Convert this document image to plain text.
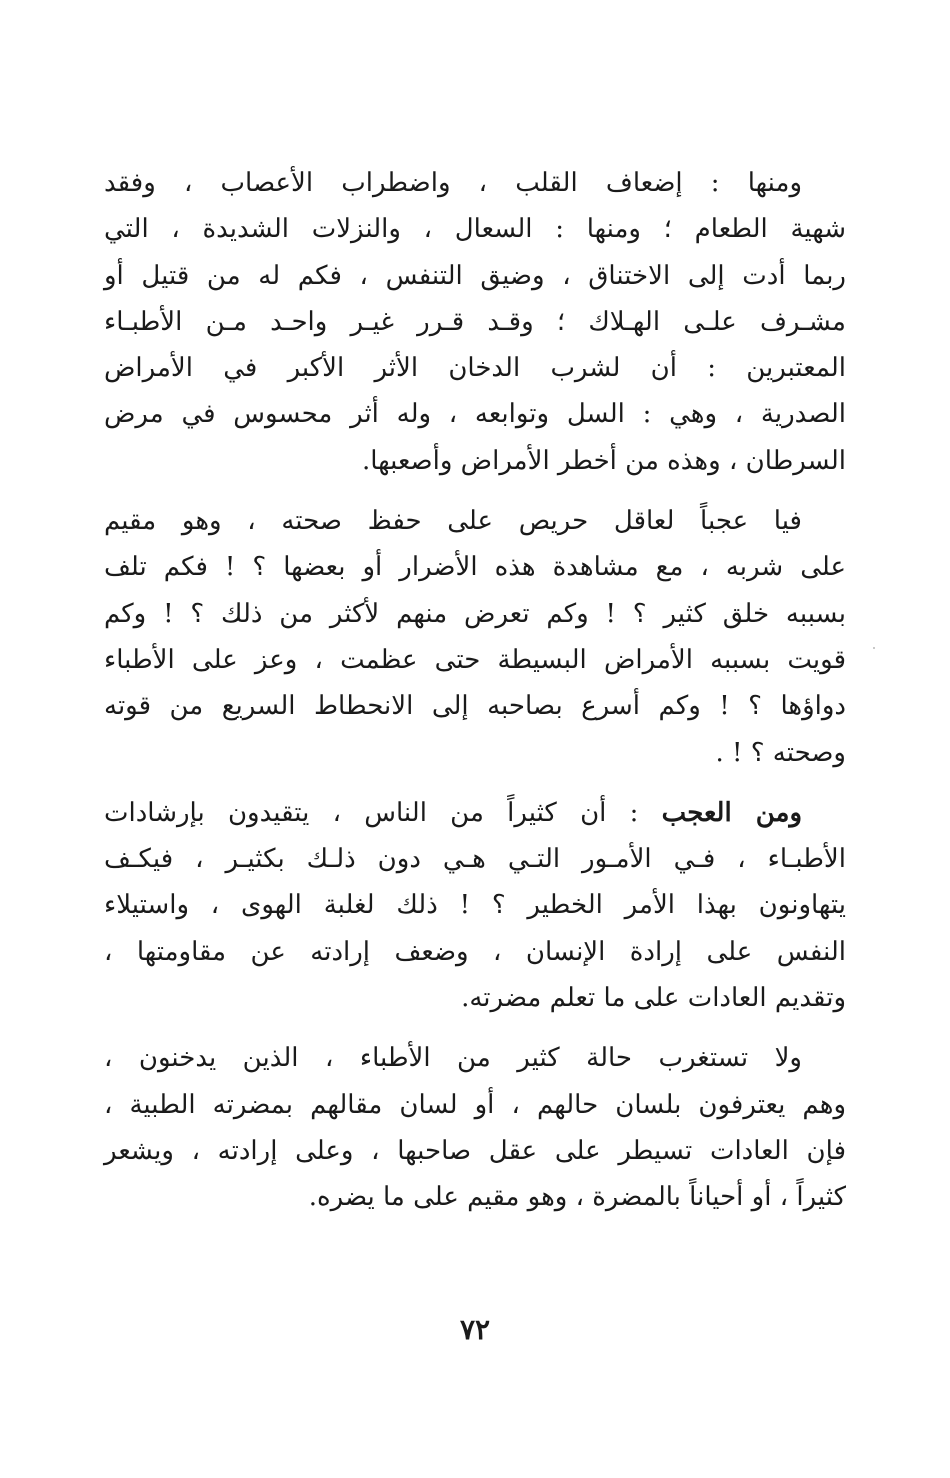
ومنها : إضعاف القلب ، واضطراب الأعصاب ، وفقد
شهية الطعام ؛ ومنها : السعال ، والنزلات الشديدة ، التي
ربما أدت إلى الاختناق ، وضيق التنفس ، فكم له من قتيل أو
مشـرف علـى الهـلاك ؛ وقـد قـرر غيـر واحـد مـن الأطبـاء
المعتبرين : أن لشرب الدخان الأثر الأكبر في الأمراض
الصدرية ، وهي : السل وتوابعه ، وله أثر محسوس في مرض
السرطان ، وهذه من أخطر الأمراض وأصعبها.

فيا عجباً لعاقل حريص على حفظ صحته ، وهو مقيم
على شربه ، مع مشاهدة هذه الأضرار أو بعضها ؟ ! فكم تلف
بسببه خلق كثير ؟ ! وكم تعرض منهم لأكثر من ذلك ؟ ! وكم
قويت بسببه الأمراض البسيطة حتى عظمت ، وعز على الأطباء
دواؤها ؟ ! وكم أسرع بصاحبه إلى الانحطاط السريع من قوته
وصحته ؟ ! .

ومن العجب : أن كثيراً من الناس ، يتقيدون بإرشادات
الأطبـاء ، فـي الأمـور التـي هـي دون ذلـك بكثيـر ، فيكـف
يتهاونون بهذا الأمر الخطير ؟ ! ذلك لغلبة الهوى ، واستيلاء
النفس على إرادة الإنسان ، وضعف إرادته عن مقاومتها ،
وتقديم العادات على ما تعلم مضرته.

ولا تستغرب حالة كثير من الأطباء ، الذين يدخنون ،
وهم يعترفون بلسان حالهم ، أو لسان مقالهم بمضرته الطبية ،
فإن العادات تسيطر على عقل صاحبها ، وعلى إرادته ، ويشعر
كثيراً ، أو أحياناً بالمضرة ، وهو مقيم على ما يضره.

٧٢
